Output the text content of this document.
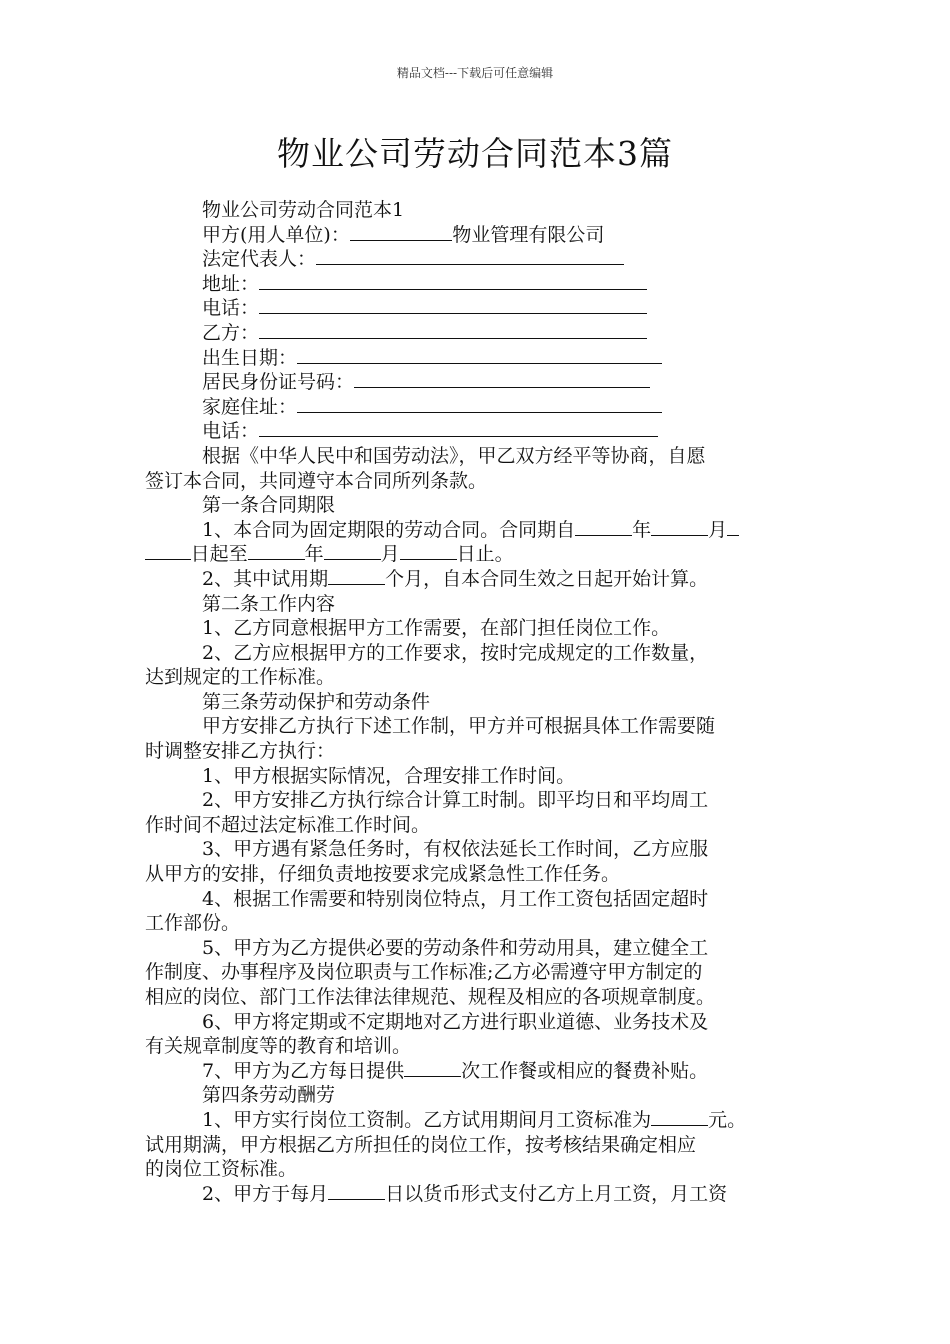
精品文档---下载后可任意编辑
物业公司劳动合同范本3篇
物业公司劳动合同范本1
甲方(用人单位)：	物业管理有限公司
法定代表人：
地址：
电话：
乙方：
出生日期：
居民身份证号码：
家庭住址：
电话：
根据《中华人民中和国劳动法》，甲乙双方经平等协商，自愿
签订本合同，共同遵守本合同所列条款。
第一条合同期限
1、本合同为固定期限的劳动合同。合同期自	年	月
日起至	年	月	日止。
2、其中试用期	个月，自本合同生效之日起开始计算。
第二条工作内容
1、乙方同意根据甲方工作需要，在部门担任岗位工作。
2、乙方应根据甲方的工作要求，按时完成规定的工作数量，
达到规定的工作标准。
第三条劳动保护和劳动条件
甲方安排乙方执行下述工作制，甲方并可根据具体工作需要随
时调整安排乙方执行：
1、甲方根据实际情况，合理安排工作时间。
2、甲方安排乙方执行综合计算工时制。即平均日和平均周工
作时间不超过法定标准工作时间。
3、甲方遇有紧急任务时，有权依法延长工作时间，乙方应服
从甲方的安排，仔细负责地按要求完成紧急性工作任务。
4、根据工作需要和特别岗位特点，月工作工资包括固定超时
工作部份。
5、甲方为乙方提供必要的劳动条件和劳动用具，建立健全工
作制度、办事程序及岗位职责与工作标准;乙方必需遵守甲方制定的
相应的岗位、部门工作法律法律规范、规程及相应的各项规章制度。
6、甲方将定期或不定期地对乙方进行职业道德、业务技术及
有关规章制度等的教育和培训。
7、甲方为乙方每日提供	次工作餐或相应的餐费补贴。
第四条劳动酬劳
1、甲方实行岗位工资制。乙方试用期间月工资标准为	元。
试用期满，甲方根据乙方所担任的岗位工作，按考核结果确定相应
的岗位工资标准。
2、甲方于每月	日以货币形式支付乙方上月工资，月工资
